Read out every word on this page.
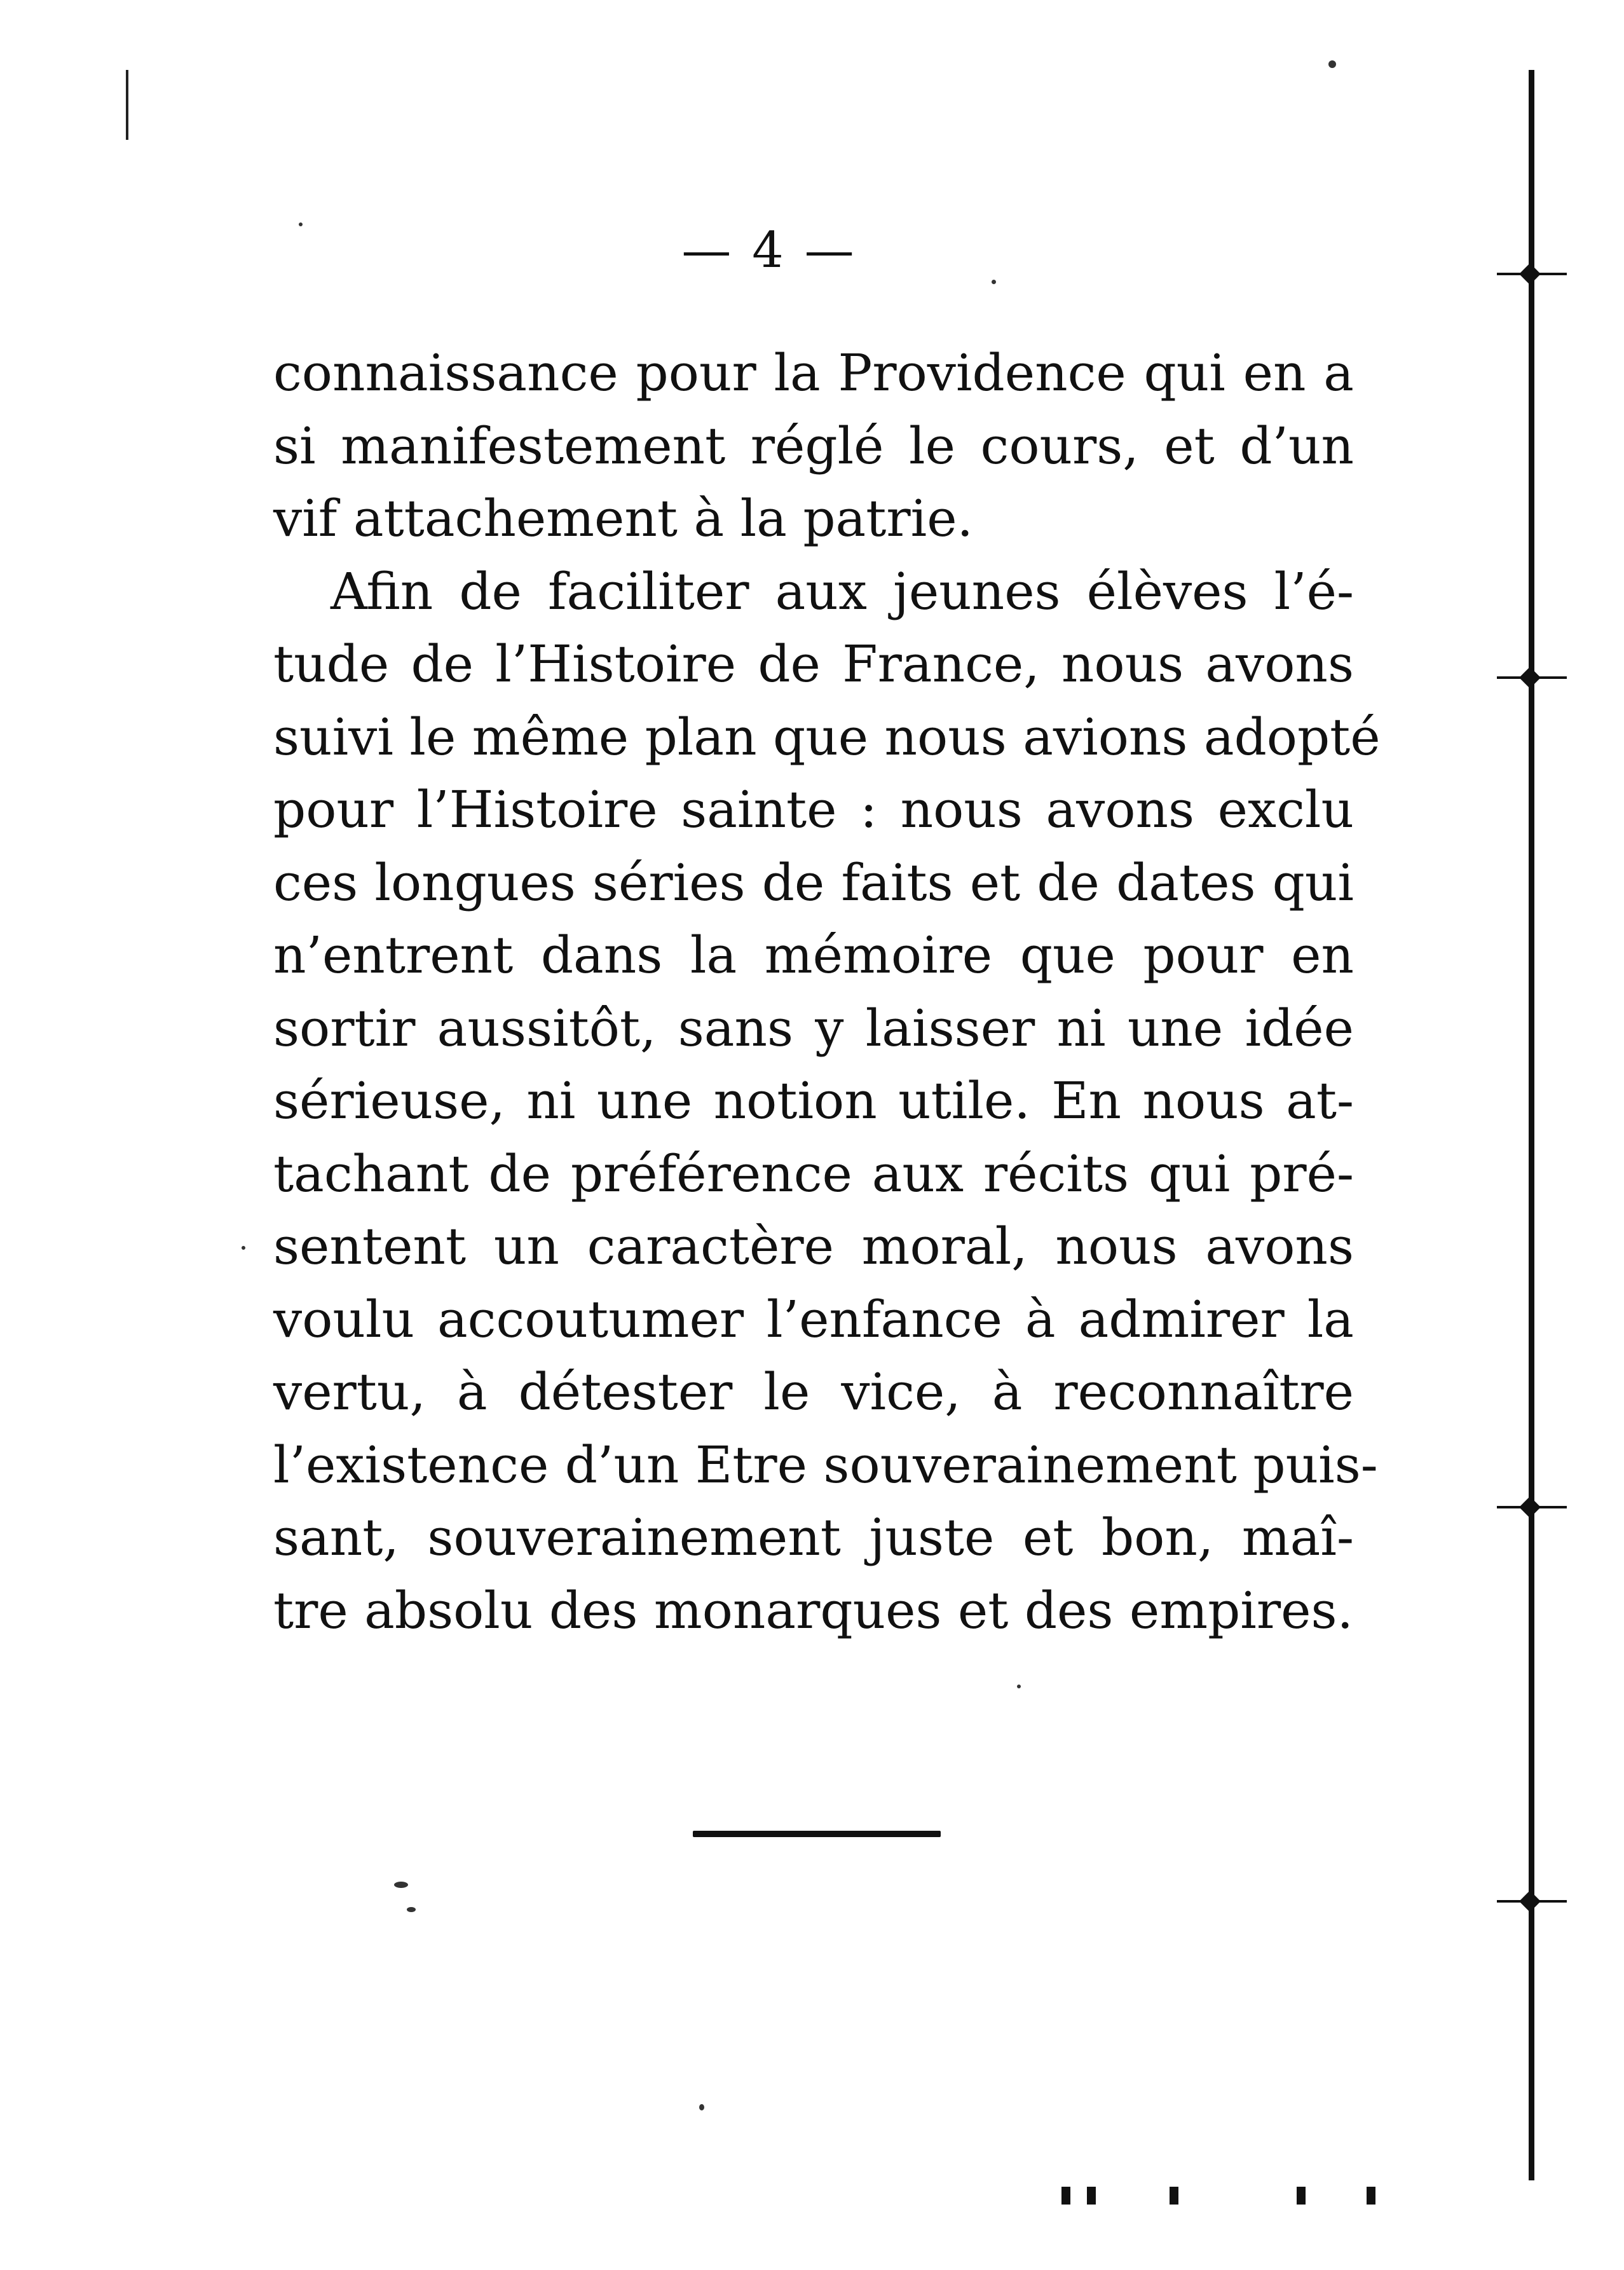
— 4 —
connaissance pour la Providence qui en a
si manifestement réglé le cours, et d’un
vif attachement à la patrie.
Afin de faciliter aux jeunes élèves l’é-
tude de l’Histoire de France, nous avons
suivi le même plan que nous avions adopté
pour l’Histoire sainte : nous avons exclu
ces longues séries de faits et de dates qui
n’entrent dans la mémoire que pour en
sortir aussitôt, sans y laisser ni une idée
sérieuse, ni une notion utile. En nous at-
tachant de préférence aux récits qui pré-
sentent un caractère moral, nous avons
voulu accoutumer l’enfance à admirer la
vertu, à détester le vice, à reconnaître
l’existence d’un Etre souverainement puis-
sant, souverainement juste et bon, maî-
tre absolu des monarques et des empires.
